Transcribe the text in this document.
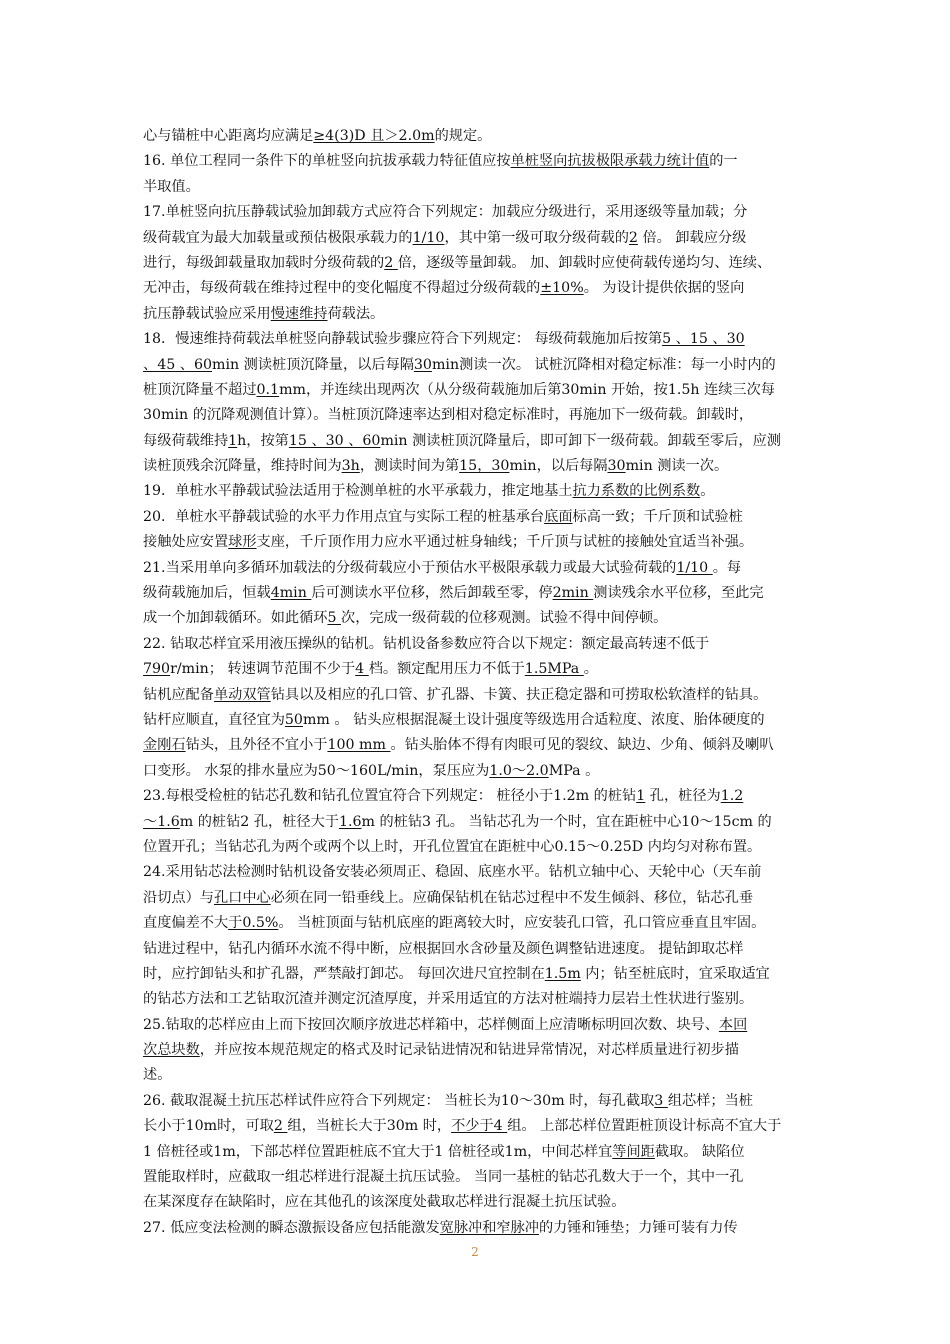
心与锚桩中心距离均应满足≥4(3)D 且＞2.0m的规定。
16. 单位工程同一条件下的单桩竖向抗拔承载力特征值应按单桩竖向抗拔极限承载力统计值的一
半取值。
17.单桩竖向抗压静载试验加卸载方式应符合下列规定：加载应分级进行，采用逐级等量加载；分
级荷载宜为最大加载量或预估极限承载力的1/10，其中第一级可取分级荷载的2 倍。 卸载应分级
进行，每级卸载量取加载时分级荷载的2 倍，逐级等量卸载。 加、卸载时应使荷载传递均匀、连续、
无冲击，每级荷载在维持过程中的变化幅度不得超过分级荷载的±10%。 为设计提供依据的竖向
抗压静载试验应采用慢速维持荷载法。
18．慢速维持荷载法单桩竖向静载试验步骤应符合下列规定： 每级荷载施加后按第5 、15 、30
、45 、60min 测读桩顶沉降量，以后每隔30min测读一次。 试桩沉降相对稳定标准：每一小时内的
桩顶沉降量不超过0.1mm，并连续出现两次（从分级荷载施加后第30min 开始，按1.5h 连续三次每
30min 的沉降观测值计算）。当桩顶沉降速率达到相对稳定标准时，再施加下一级荷载。卸载时，
每级荷载维持1h，按第15 、30 、60min 测读桩顶沉降量后，即可卸下一级荷载。卸载至零后，应测
读桩顶残余沉降量，维持时间为3h，测读时间为第15，30min，以后每隔30min 测读一次。
19．单桩水平静载试验法适用于检测单桩的水平承载力，推定地基土抗力系数的比例系数。
20．单桩水平静载试验的水平力作用点宜与实际工程的桩基承台底面标高一致；千斤顶和试验桩
接触处应安置球形支座，千斤顶作用力应水平通过桩身轴线；千斤顶与试桩的接触处宜适当补强。
21.当采用单向多循环加载法的分级荷载应小于预估水平极限承载力或最大试验荷载的1/10 。每
级荷载施加后，恒载4min 后可测读水平位移，然后卸载至零，停2min 测读残余水平位移，至此完
成一个加卸载循环。如此循环5 次，完成一级荷载的位移观测。试验不得中间停顿。
22. 钻取芯样宜采用液压操纵的钻机。钻机设备参数应符合以下规定：额定最高转速不低于
790r/min； 转速调节范围不少于4 档。额定配用压力不低于1.5MPa 。
钻机应配备单动双管钻具以及相应的孔口管、扩孔器、卡簧、扶正稳定器和可捞取松软渣样的钻具。
钻杆应顺直，直径宜为50mm 。 钻头应根据混凝土设计强度等级选用合适粒度、浓度、胎体硬度的
金刚石钻头，且外径不宜小于100 mm 。钻头胎体不得有肉眼可见的裂纹、缺边、少角、倾斜及喇叭
口变形。 水泵的排水量应为50～160L/min，泵压应为1.0～2.0MPa 。
23.每根受检桩的钻芯孔数和钻孔位置宜符合下列规定： 桩径小于1.2m 的桩钻1 孔，桩径为1.2
～1.6m 的桩钻2 孔，桩径大于1.6m 的桩钻3 孔。 当钻芯孔为一个时，宜在距桩中心10～15cm 的
位置开孔；当钻芯孔为两个或两个以上时，开孔位置宜在距桩中心0.15～0.25D 内均匀对称布置。
24.采用钻芯法检测时钻机设备安装必须周正、稳固、底座水平。钻机立轴中心、天轮中心（天车前
沿切点）与孔口中心必须在同一铅垂线上。应确保钻机在钻芯过程中不发生倾斜、移位，钻芯孔垂
直度偏差不大于0.5%。 当桩顶面与钻机底座的距离较大时，应安装孔口管，孔口管应垂直且牢固。
钻进过程中，钻孔内循环水流不得中断，应根据回水含砂量及颜色调整钻进速度。 提钻卸取芯样
时，应拧卸钻头和扩孔器，严禁敲打卸芯。 每回次进尺宜控制在1.5m 内；钻至桩底时，宜采取适宜
的钻芯方法和工艺钻取沉渣并测定沉渣厚度，并采用适宜的方法对桩端持力层岩土性状进行鉴别。
25.钻取的芯样应由上而下按回次顺序放进芯样箱中，芯样侧面上应清晰标明回次数、块号、本回
次总块数，并应按本规范规定的格式及时记录钻进情况和钻进异常情况，对芯样质量进行初步描
述。
26. 截取混凝土抗压芯样试件应符合下列规定： 当桩长为10～30m 时，每孔截取3 组芯样；当桩
长小于10m时，可取2 组，当桩长大于30m 时，不少于4 组。 上部芯样位置距桩顶设计标高不宜大于
1 倍桩径或1m，下部芯样位置距桩底不宜大于1 倍桩径或1m，中间芯样宜等间距截取。 缺陷位
置能取样时，应截取一组芯样进行混凝土抗压试验。 当同一基桩的钻芯孔数大于一个，其中一孔
在某深度存在缺陷时，应在其他孔的该深度处截取芯样进行混凝土抗压试验。
27. 低应变法检测的瞬态激振设备应包括能激发宽脉冲和窄脉冲的力锤和锤垫；力锤可装有力传
2
